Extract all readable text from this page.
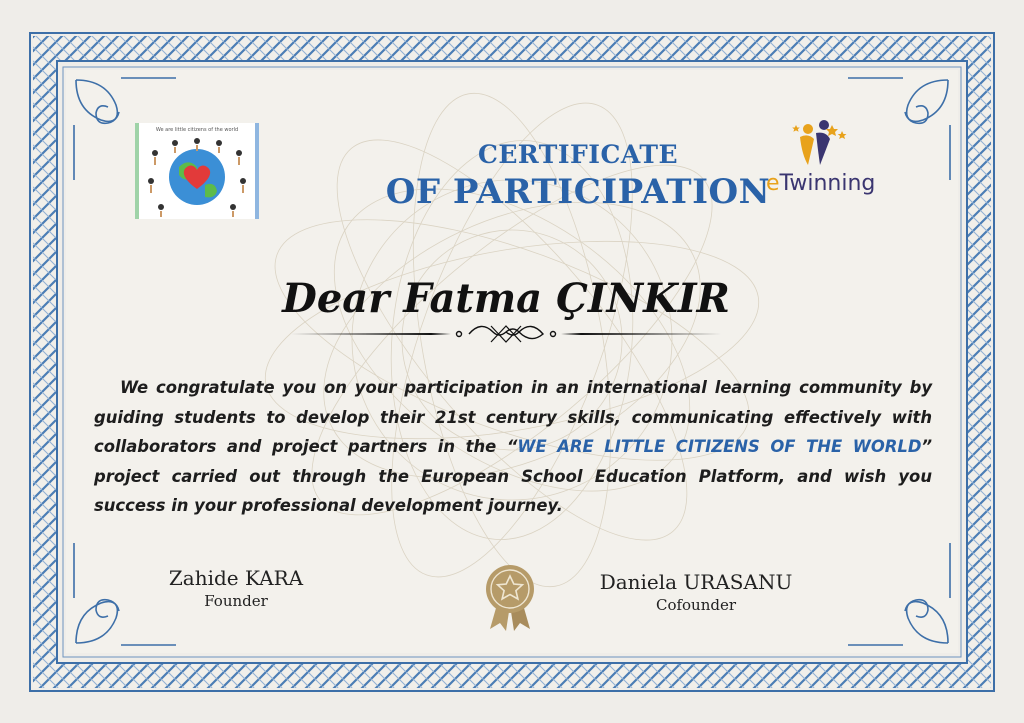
We are little citizens of the world
eTwinning
CERTIFICATE
OF PARTICIPATION
Dear Fatma ÇINKIR
We congratulate you on your participation in an international learning community by guiding students to develop their 21st century skills, communicating effectively with collaborators and project partners in the “WE ARE LITTLE CITIZENS OF THE WORLD” project carried out through the European School Education Platform, and wish you success in your professional development journey.
Zahide KARA
Founder
Daniela URASANU
Cofounder
